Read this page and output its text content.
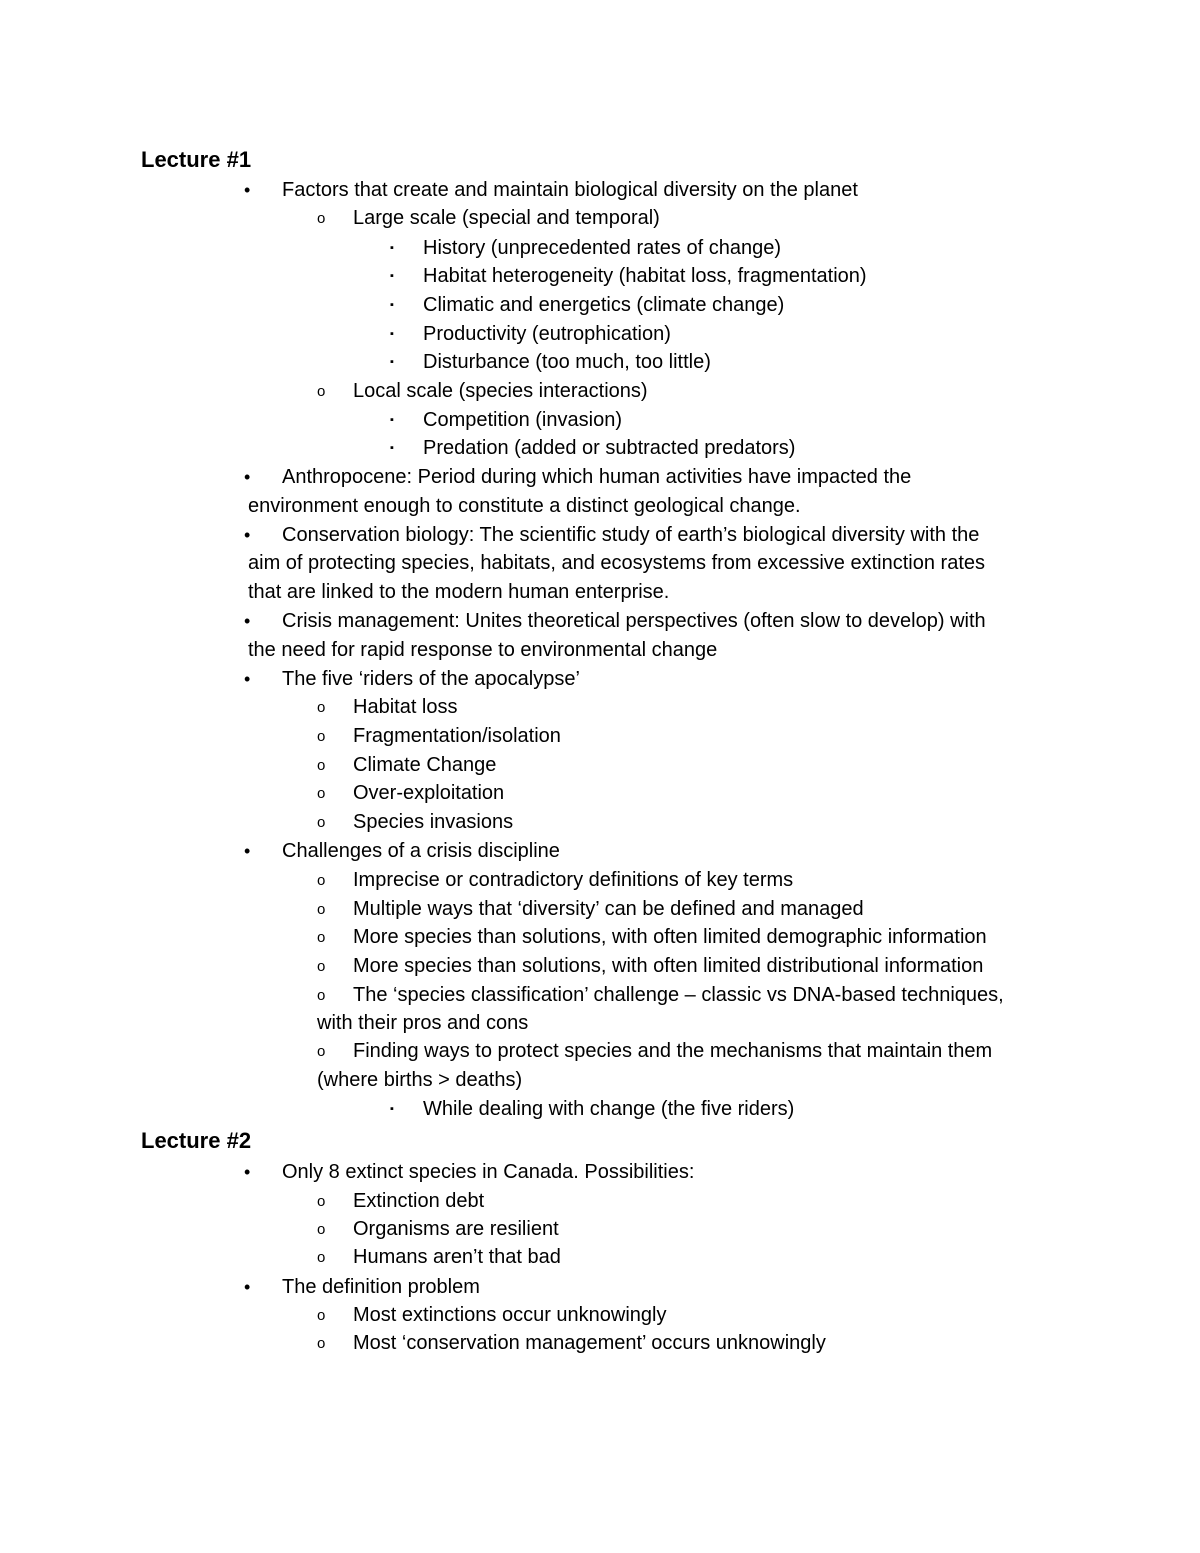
Lecture #1
• Factors that create and maintain biological diversity on the planet
o Large scale (special and temporal)
▪ History (unprecedented rates of change)
▪ Habitat heterogeneity (habitat loss, fragmentation)
▪ Climatic and energetics (climate change)
▪ Productivity (eutrophication)
▪ Disturbance (too much, too little)
o Local scale (species interactions)
▪ Competition (invasion)
▪ Predation (added or subtracted predators)
• Anthropocene: Period during which human activities have impacted the
environment enough to constitute a distinct geological change.
• Conservation biology: The scientific study of earth’s biological diversity with the
aim of protecting species, habitats, and ecosystems from excessive extinction rates
that are linked to the modern human enterprise.
• Crisis management: Unites theoretical perspectives (often slow to develop) with
the need for rapid response to environmental change
• The five ‘riders of the apocalypse’
o Habitat loss
o Fragmentation/isolation
o Climate Change
o Over-exploitation
o Species invasions
• Challenges of a crisis discipline
o Imprecise or contradictory definitions of key terms
o Multiple ways that ‘diversity’ can be defined and managed
o More species than solutions, with often limited demographic information
o More species than solutions, with often limited distributional information
o The ‘species classification’ challenge – classic vs DNA-based techniques,
with their pros and cons
o Finding ways to protect species and the mechanisms that maintain them
(where births > deaths)
▪ While dealing with change (the five riders)
Lecture #2
• Only 8 extinct species in Canada. Possibilities:
o Extinction debt
o Organisms are resilient
o Humans aren’t that bad
• The definition problem
o Most extinctions occur unknowingly
o Most ‘conservation management’ occurs unknowingly
